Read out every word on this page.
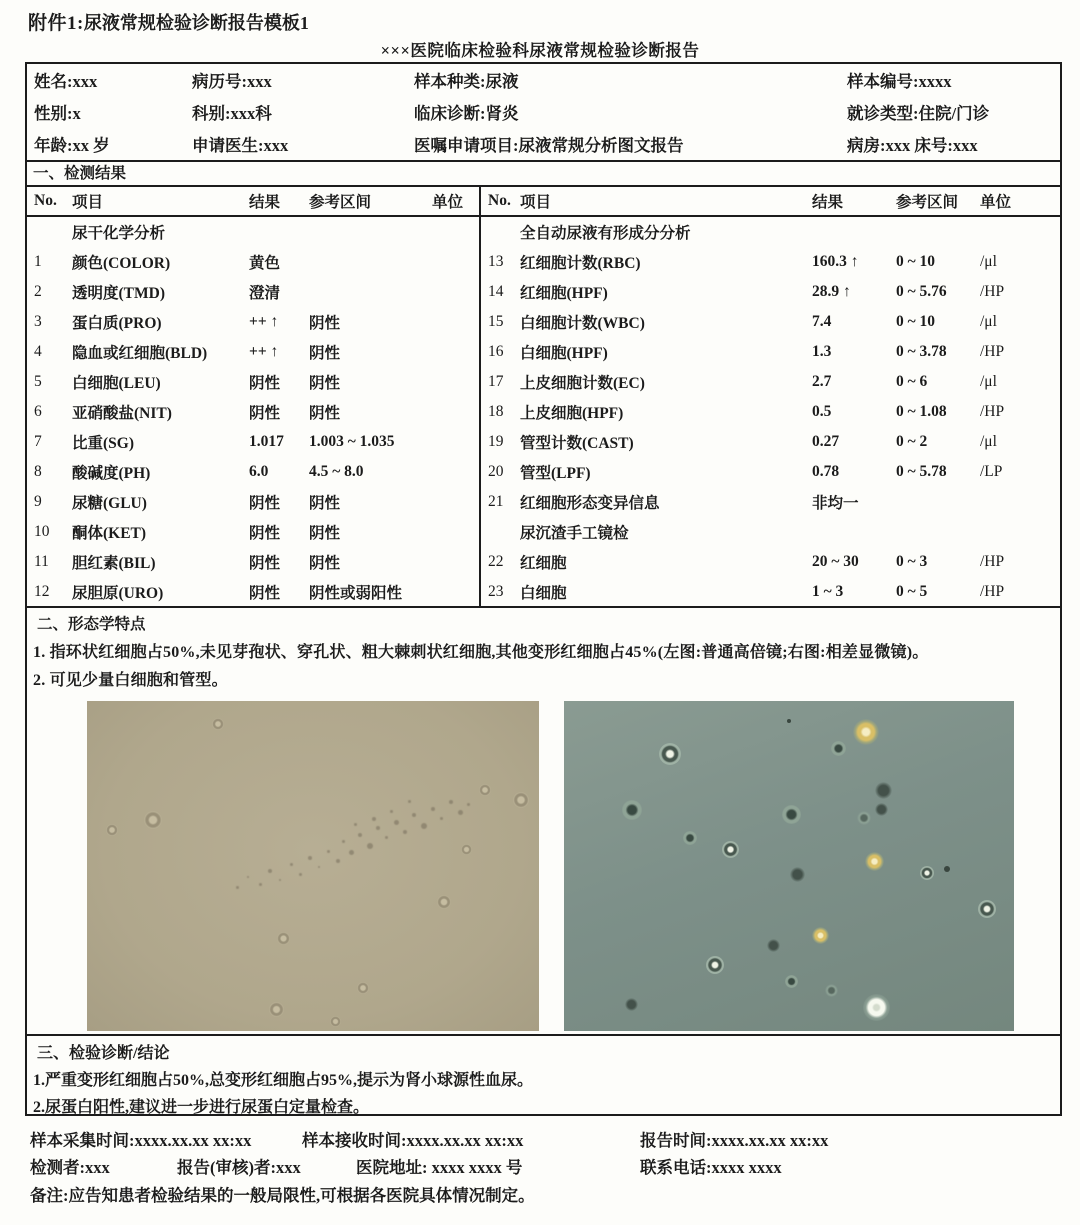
附件1:尿液常规检验诊断报告模板1
×××医院临床检验科尿液常规检验诊断报告
姓名:xxx	病历号:xxx	样本种类:尿液	样本编号:xxxx
性别:x	科别:xxx科	临床诊断:肾炎	就诊类型:住院/门诊
年龄:xx 岁	申请医生:xxx	医嘱申请项目:尿液常规分析图文报告	病房:xxx 床号:xxx
一、检测结果
No. 项目	结果	参考区间	单位
尿干化学分析
1	颜色(COLOR)	黄色
2	透明度(TMD)	澄清
3	蛋白质(PRO)	++ ↑	阴性
4	隐血或红细胞(BLD)	++ ↑	阴性
5	白细胞(LEU)	阴性	阴性
6	亚硝酸盐(NIT)	阴性	阴性
7	比重(SG)	1.017	1.003 ~ 1.035
8	酸碱度(PH)	6.0	4.5 ~ 8.0
9	尿糖(GLU)	阴性	阴性
10	酮体(KET)	阴性	阴性
11	胆红素(BIL)	阴性	阴性
12	尿胆原(URO)	阴性	阴性或弱阳性
No. 项目	结果	参考区间	单位
全自动尿液有形成分分析
13	红细胞计数(RBC)	160.3 ↑	0 ~ 10	/μl
14	红细胞(HPF)	28.9 ↑	0 ~ 5.76	/HP
15	白细胞计数(WBC)	7.4	0 ~ 10	/μl
16	白细胞(HPF)	1.3	0 ~ 3.78	/HP
17	上皮细胞计数(EC)	2.7	0 ~ 6	/μl
18	上皮细胞(HPF)	0.5	0 ~ 1.08	/HP
19	管型计数(CAST)	0.27	0 ~ 2	/μl
20	管型(LPF)	0.78	0 ~ 5.78	/LP
21	红细胞形态变异信息	非均一
尿沉渣手工镜检
22	红细胞	20 ~ 30	0 ~ 3	/HP
23	白细胞	1 ~ 3	0 ~ 5	/HP
二、形态学特点
1. 指环状红细胞占50%,未见芽孢状、穿孔状、粗大棘刺状红细胞,其他变形红细胞占45%(左图:普通高倍镜;右图:相差显微镜)。
2. 可见少量白细胞和管型。
三、检验诊断/结论
1.严重变形红细胞占50%,总变形红细胞占95%,提示为肾小球源性血尿。
2.尿蛋白阳性,建议进一步进行尿蛋白定量检查。
样本采集时间:xxxx.xx.xx xx:xx	样本接收时间:xxxx.xx.xx xx:xx	报告时间:xxxx.xx.xx xx:xx
检测者:xxx	报告(审核)者:xxx	医院地址: xxxx xxxx 号	联系电话:xxxx xxxx
备注:应告知患者检验结果的一般局限性,可根据各医院具体情况制定。
